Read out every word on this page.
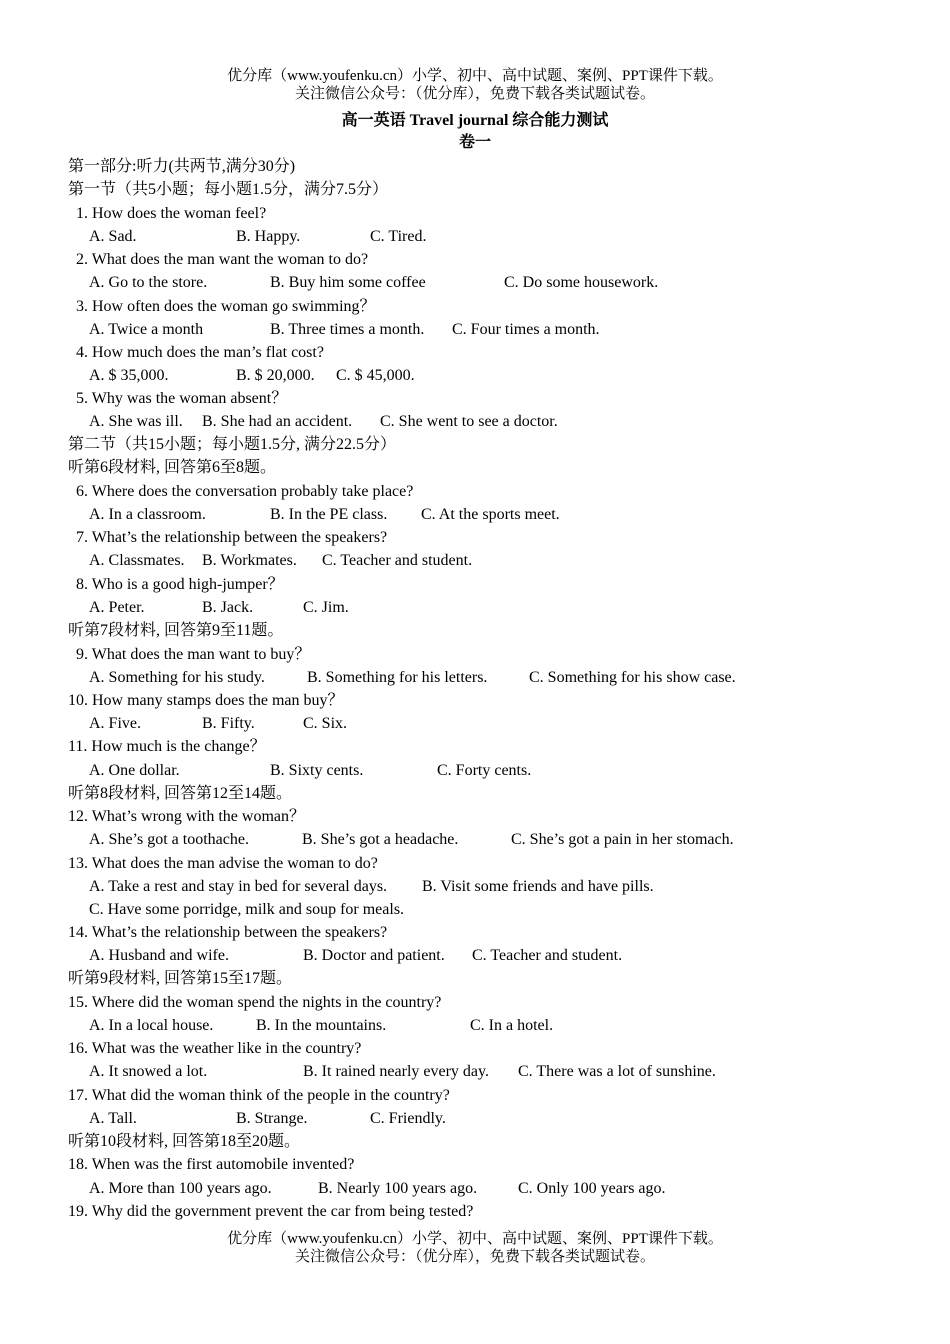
优分库（www.youfenku.cn）小学、初中、高中试题、案例、PPT课件下载。
关注微信公众号：（优分库），免费下载各类试题试卷。
高一英语 Travel journal 综合能力测试
卷一
第一部分:听力(共两节,满分30分)
第一节（共5小题；每小题1.5分，满分7.5分）
1. How does the woman feel?
A. Sad.	B. Happy.	C. Tired.
2. What does the man want the woman to do?
A. Go to the store.	B. Buy him some coffee	C. Do some housework.
3. How often does the woman go swimming？
A. Twice a month	B. Three times a month. C. Four times a month.
4. How much does the man’s flat cost?
A. $ 35,000.	B. $ 20,000. C. $ 45,000.
5. Why was the woman absent？
A. She was ill. B. She had an accident. C. She went to see a doctor.
第二节（共15小题；每小题1.5分, 满分22.5分）
听第6段材料, 回答第6至8题。
6. Where does the conversation probably take place?
A. In a classroom.	B. In the PE class. C. At the sports meet.
7. What’s the relationship between the speakers?
A. Classmates. B. Workmates. C. Teacher and student.
8. Who is a good high-jumper？
A. Peter.	B. Jack.	C. Jim.
听第7段材料, 回答第9至11题。
9. What does the man want to buy？
A. Something for his study.	B. Something for his letters.	C. Something for his show case.
10. How many stamps does the man buy？
A. Five.	B. Fifty.	C. Six.
11. How much is the change？
A. One dollar.	B. Sixty cents.	C. Forty cents.
听第8段材料, 回答第12至14题。
12. What’s wrong with the woman？
A. She’s got a toothache.	B. She’s got a headache.	C. She’s got a pain in her stomach.
13. What does the man advise the woman to do?
A. Take a rest and stay in bed for several days. B. Visit some friends and have pills.
C. Have some porridge, milk and soup for meals.
14. What’s the relationship between the speakers?
A. Husband and wife.	B. Doctor and patient. C. Teacher and student.
听第9段材料, 回答第15至17题。
15. Where did the woman spend the nights in the country?
A. In a local house.	B. In the mountains.	C. In a hotel.
16. What was the weather like in the country?
A. It snowed a lot.	B. It rained nearly every day. C. There was a lot of sunshine.
17. What did the woman think of the people in the country?
A. Tall.	B. Strange.	C. Friendly.
听第10段材料, 回答第18至20题。
18. When was the first automobile invented?
A. More than 100 years ago.	B. Nearly 100 years ago.	C. Only 100 years ago.
19. Why did the government prevent the car from being tested?
优分库（www.youfenku.cn）小学、初中、高中试题、案例、PPT课件下载。
关注微信公众号：（优分库），免费下载各类试题试卷。
